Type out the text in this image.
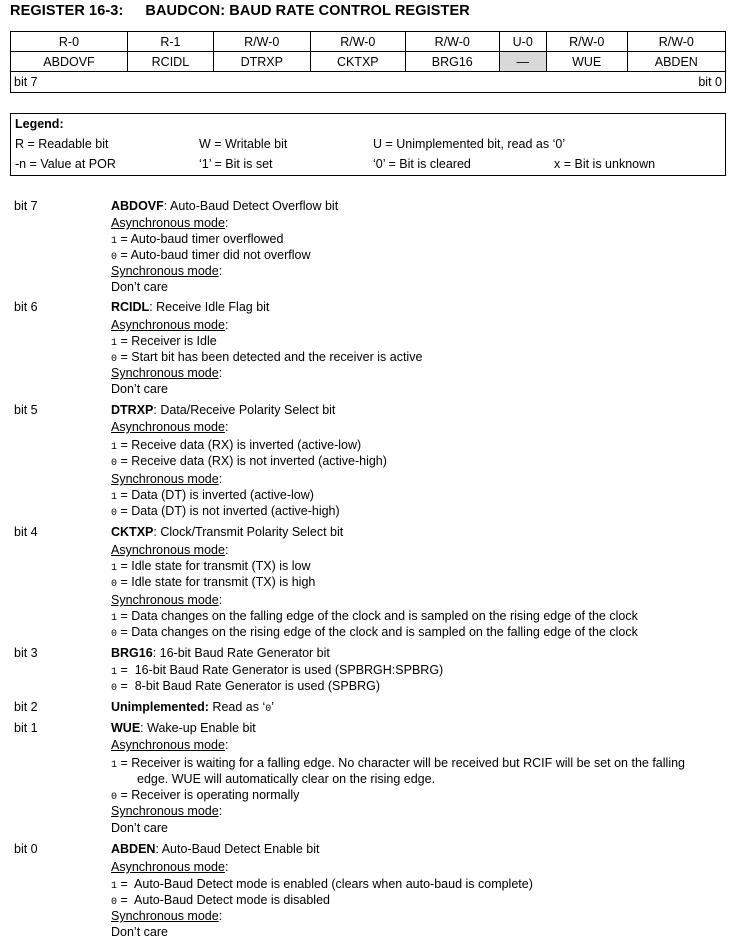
REGISTER 16-3: BAUDCON: BAUD RATE CONTROL REGISTER
R-0	R-1	R/W-0	R/W-0	R/W-0	U-0	R/W-0	R/W-0
ABDOVF	RCIDL	DTRXP	CKTXP	BRG16	—	WUE	ABDEN

bit 7 bit 0							
Legend:
R = Readable bit	W = Writable bit	U = Unimplemented bit, read as ‘0’
-n = Value at POR	‘1’ = Bit is set	‘0’ = Bit is cleared	x = Bit is unknown
bit 7	ABDOVF: Auto-Baud Detect Overflow bit
Asynchronous mode:
1 = Auto-baud timer overflowed
0 = Auto-baud timer did not overflow
Synchronous mode:
Don’t care
bit 6	RCIDL: Receive Idle Flag bit
Asynchronous mode:
1 = Receiver is Idle
0 = Start bit has been detected and the receiver is active
Synchronous mode:
Don’t care
bit 5	DTRXP: Data/Receive Polarity Select bit
Asynchronous mode:
1 = Receive data (RX) is inverted (active-low)
0 = Receive data (RX) is not inverted (active-high)
Synchronous mode:
1 = Data (DT) is inverted (active-low)
0 = Data (DT) is not inverted (active-high)
bit 4	CKTXP: Clock/Transmit Polarity Select bit
Asynchronous mode:
1 = Idle state for transmit (TX) is low
0 = Idle state for transmit (TX) is high
Synchronous mode:
1 = Data changes on the falling edge of the clock and is sampled on the rising edge of the clock
0 = Data changes on the rising edge of the clock and is sampled on the falling edge of the clock
bit 3	BRG16: 16-bit Baud Rate Generator bit
1 =  16-bit Baud Rate Generator is used (SPBRGH:SPBRG)
0 =  8-bit Baud Rate Generator is used (SPBRG)
bit 2	Unimplemented: Read as ‘0’
bit 1	WUE: Wake-up Enable bit
Asynchronous mode:
1 = Receiver is waiting for a falling edge. No character will be received but RCIF will be set on the falling
edge. WUE will automatically clear on the rising edge.
0 = Receiver is operating normally
Synchronous mode:
Don’t care
bit 0	ABDEN: Auto-Baud Detect Enable bit
Asynchronous mode:
1 =  Auto-Baud Detect mode is enabled (clears when auto-baud is complete)
0 =  Auto-Baud Detect mode is disabled
Synchronous mode:
Don’t care
